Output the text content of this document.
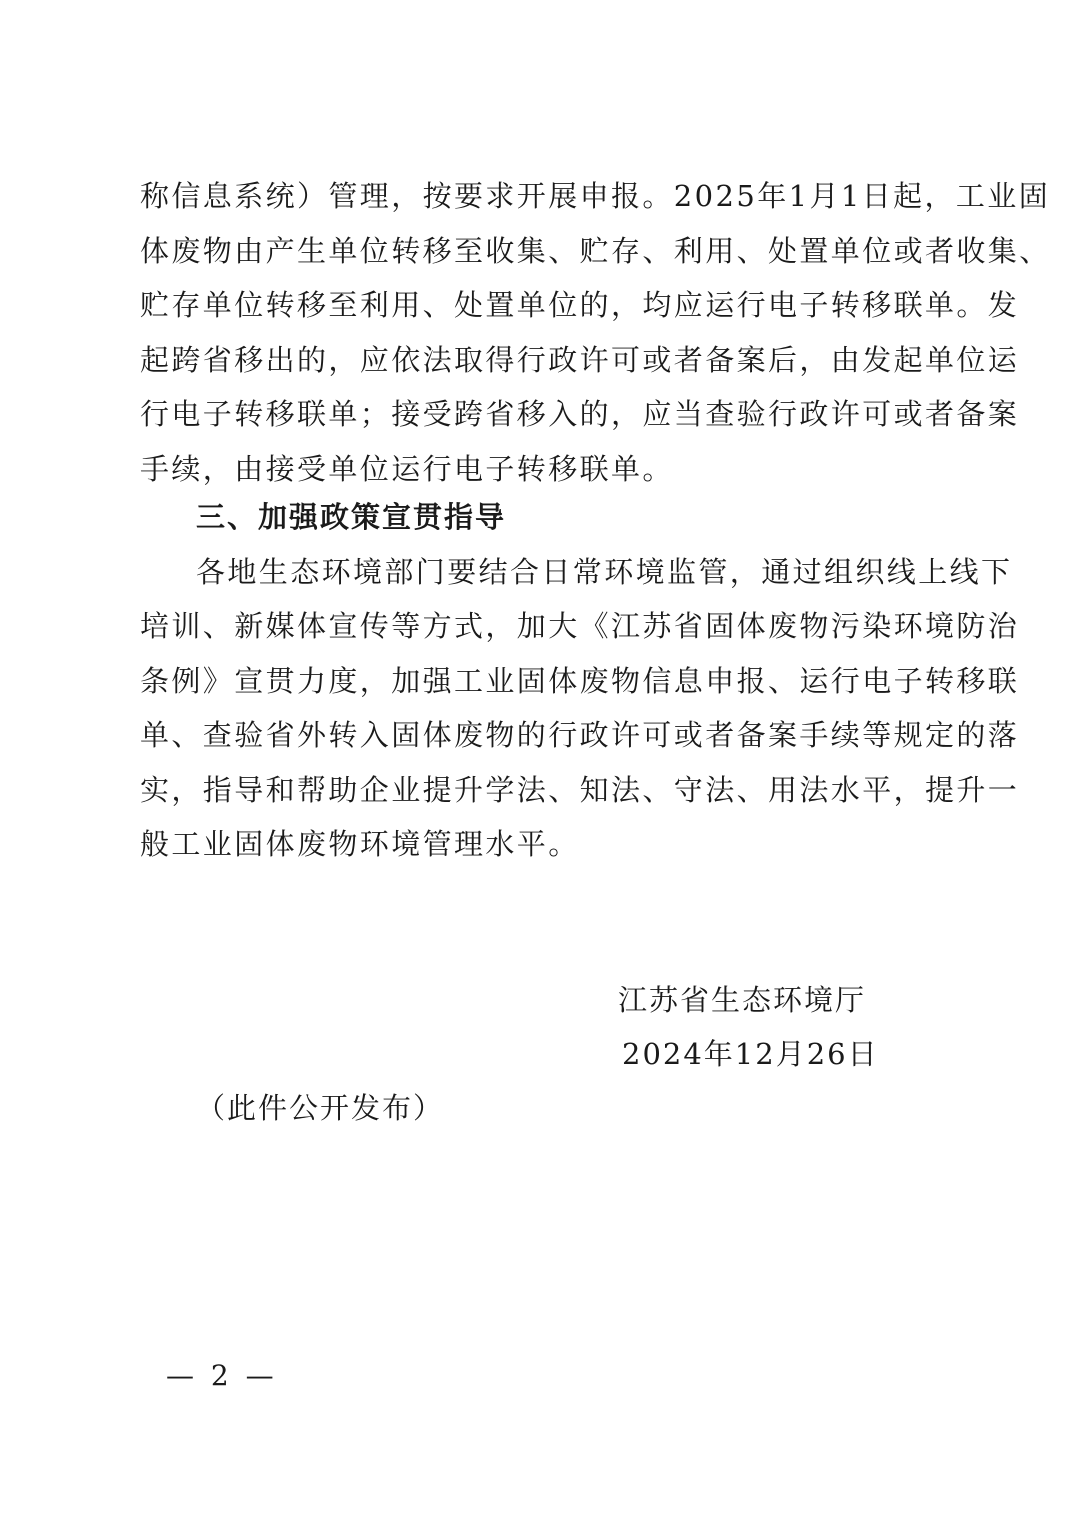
称信息系统）管理，按要求开展申报。2025年1月1日起，工业固
体废物由产生单位转移至收集、贮存、利用、处置单位或者收集、
贮存单位转移至利用、处置单位的，均应运行电子转移联单。发
起跨省移出的，应依法取得行政许可或者备案后，由发起单位运
行电子转移联单；接受跨省移入的，应当查验行政许可或者备案
手续，由接受单位运行电子转移联单。
三、加强政策宣贯指导
各地生态环境部门要结合日常环境监管，通过组织线上线下
培训、新媒体宣传等方式，加大《江苏省固体废物污染环境防治
条例》宣贯力度，加强工业固体废物信息申报、运行电子转移联
单、查验省外转入固体废物的行政许可或者备案手续等规定的落
实，指导和帮助企业提升学法、知法、守法、用法水平，提升一
般工业固体废物环境管理水平。
江苏省生态环境厅
2024年12月26日
（此件公开发布）
— 2 —
